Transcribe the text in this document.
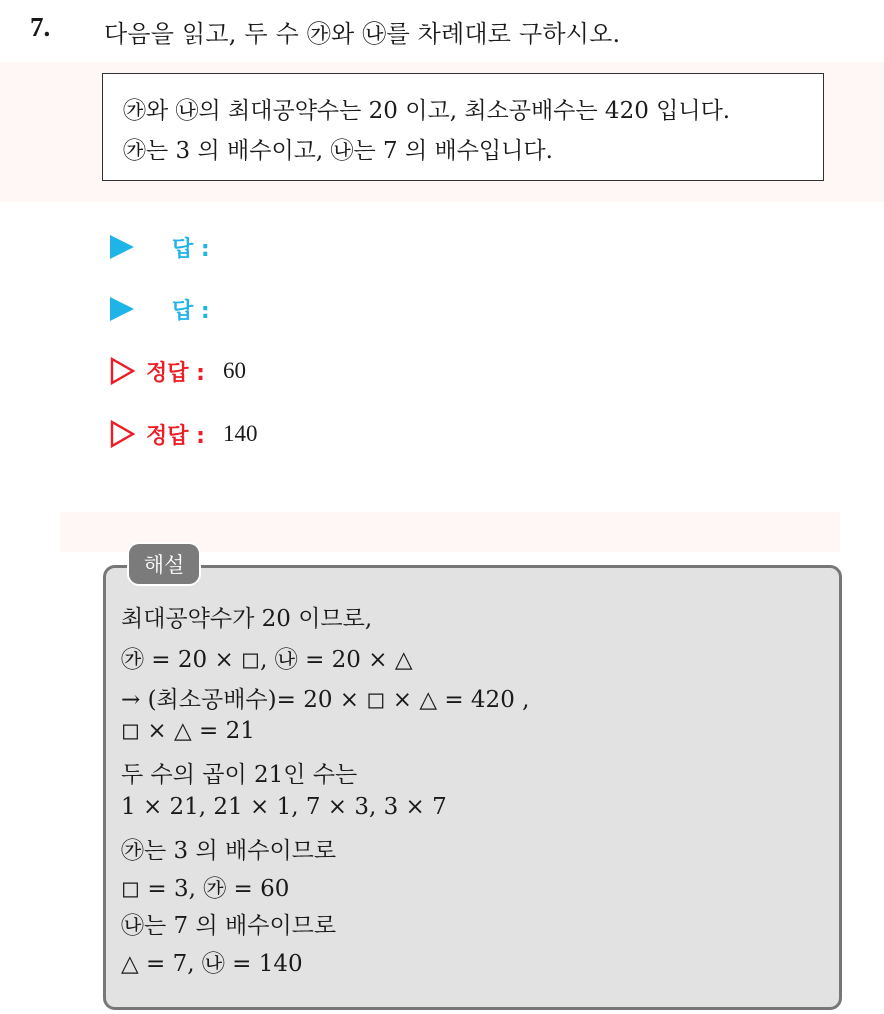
7. 다음을 읽고, 두 수 ㉮와 ㉯를 차례대로 구하시오.
㉮와 ㉯의 최대공약수는 20 이고, 최소공배수는 420 입니다.
㉮는 3 의 배수이고, ㉯는 7 의 배수입니다.
답 :
답 :
정답 : 60
정답 : 140
해설
최대공약수가 20 이므로,
㉮ = 20 × ◻, ㉯ = 20 × △
→ (최소공배수)= 20 × ◻ × △ = 420 ,
◻ × △ = 21
두 수의 곱이 21인 수는
1 × 21, 21 × 1, 7 × 3, 3 × 7
㉮는 3 의 배수이므로
◻ = 3, ㉮ = 60
㉯는 7 의 배수이므로
△ = 7, ㉯ = 140
